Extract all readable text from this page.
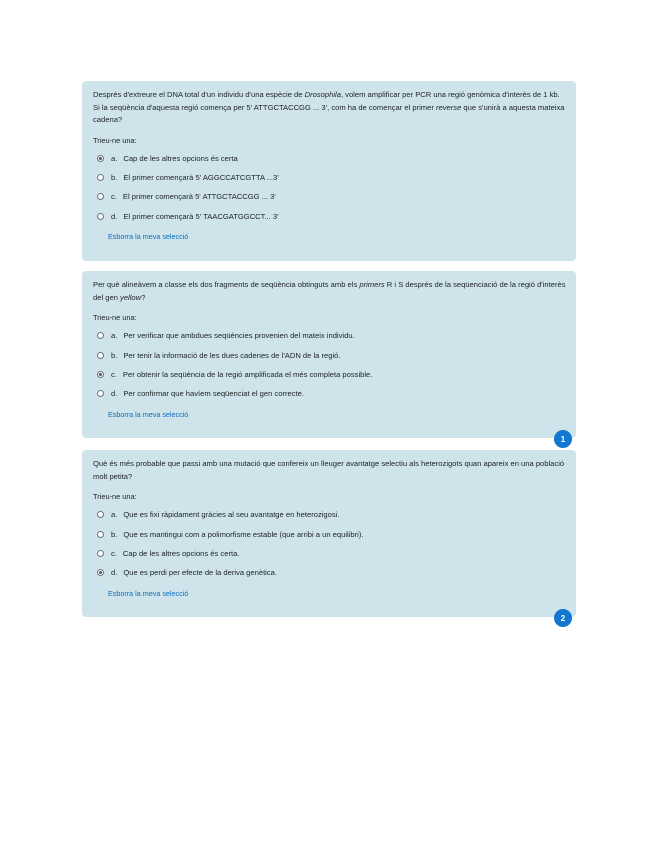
Després d'extreure el DNA total d'un individu d'una espècie de Drosophila, volem amplificar per PCR una regió genòmica d'interès de 1 kb. Si la seqüència d'aquesta regió comença per 5' ATTGCTACCGG ... 3', com ha de començar el primer reverse que s'unirà a aquesta mateixa cadena?

Trieu-ne una:
a. Cap de les altres opcions és certa
b. El primer començarà 5' AGGCCATCGTTA ...3'
c. El primer començarà 5' ATTGCTACCGG ... 3'
d. El primer començarà 5' TAACGATGGCCT... 3'
Esborra la meva selecció

Per què alineàvem a classe els dos fragments de seqüència obtinguts amb els primers R i S després de la seqüenciació de la regió d'interès del gen yellow?

Trieu-ne una:
a. Per verificar que ambdues seqüències provenien del mateix individu.
b. Per tenir la informació de les dues cadenes de l'ADN de la regió.
c. Per obtenir la seqüència de la regió amplificada el més completa possible.
d. Per confirmar que havíem seqüenciat el gen correcte.
Esborra la meva selecció
1

Què és més probable que passi amb una mutació que confereix un lleuger avantatge selectiu als heterozigots quan apareix en una població molt petita?

Trieu-ne una:
a. Que es fixi ràpidament gràcies al seu avantatge en heterozigosi.
b. Que es mantingui com a polimorfisme estable (que arribi a un equilibri).
c. Cap de les altres opcions és certa.
d. Que es perdi per efecte de la deriva genètica.
Esborra la meva selecció
2
